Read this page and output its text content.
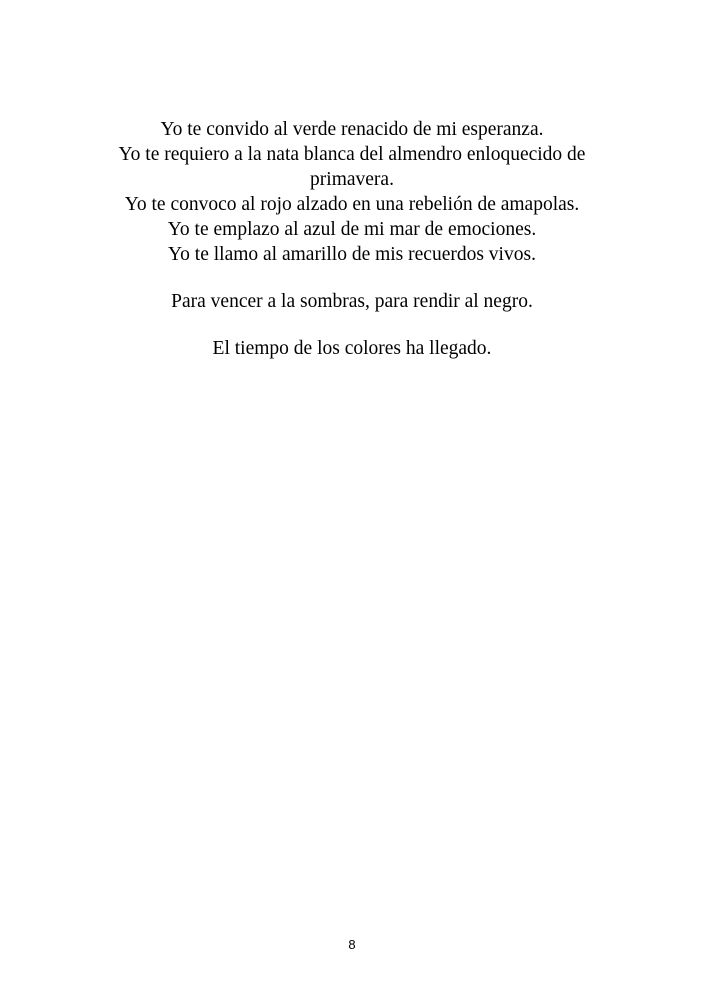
Yo te convido al verde renacido de mi esperanza.
Yo te requiero a la nata blanca del almendro enloquecido de
primavera.
Yo te convoco al rojo alzado en una rebelión de amapolas.
Yo te emplazo al azul de mi mar de emociones.
Yo te llamo al amarillo de mis recuerdos vivos.
Para vencer a la sombras, para rendir al negro.
El tiempo de los colores ha llegado.
8
